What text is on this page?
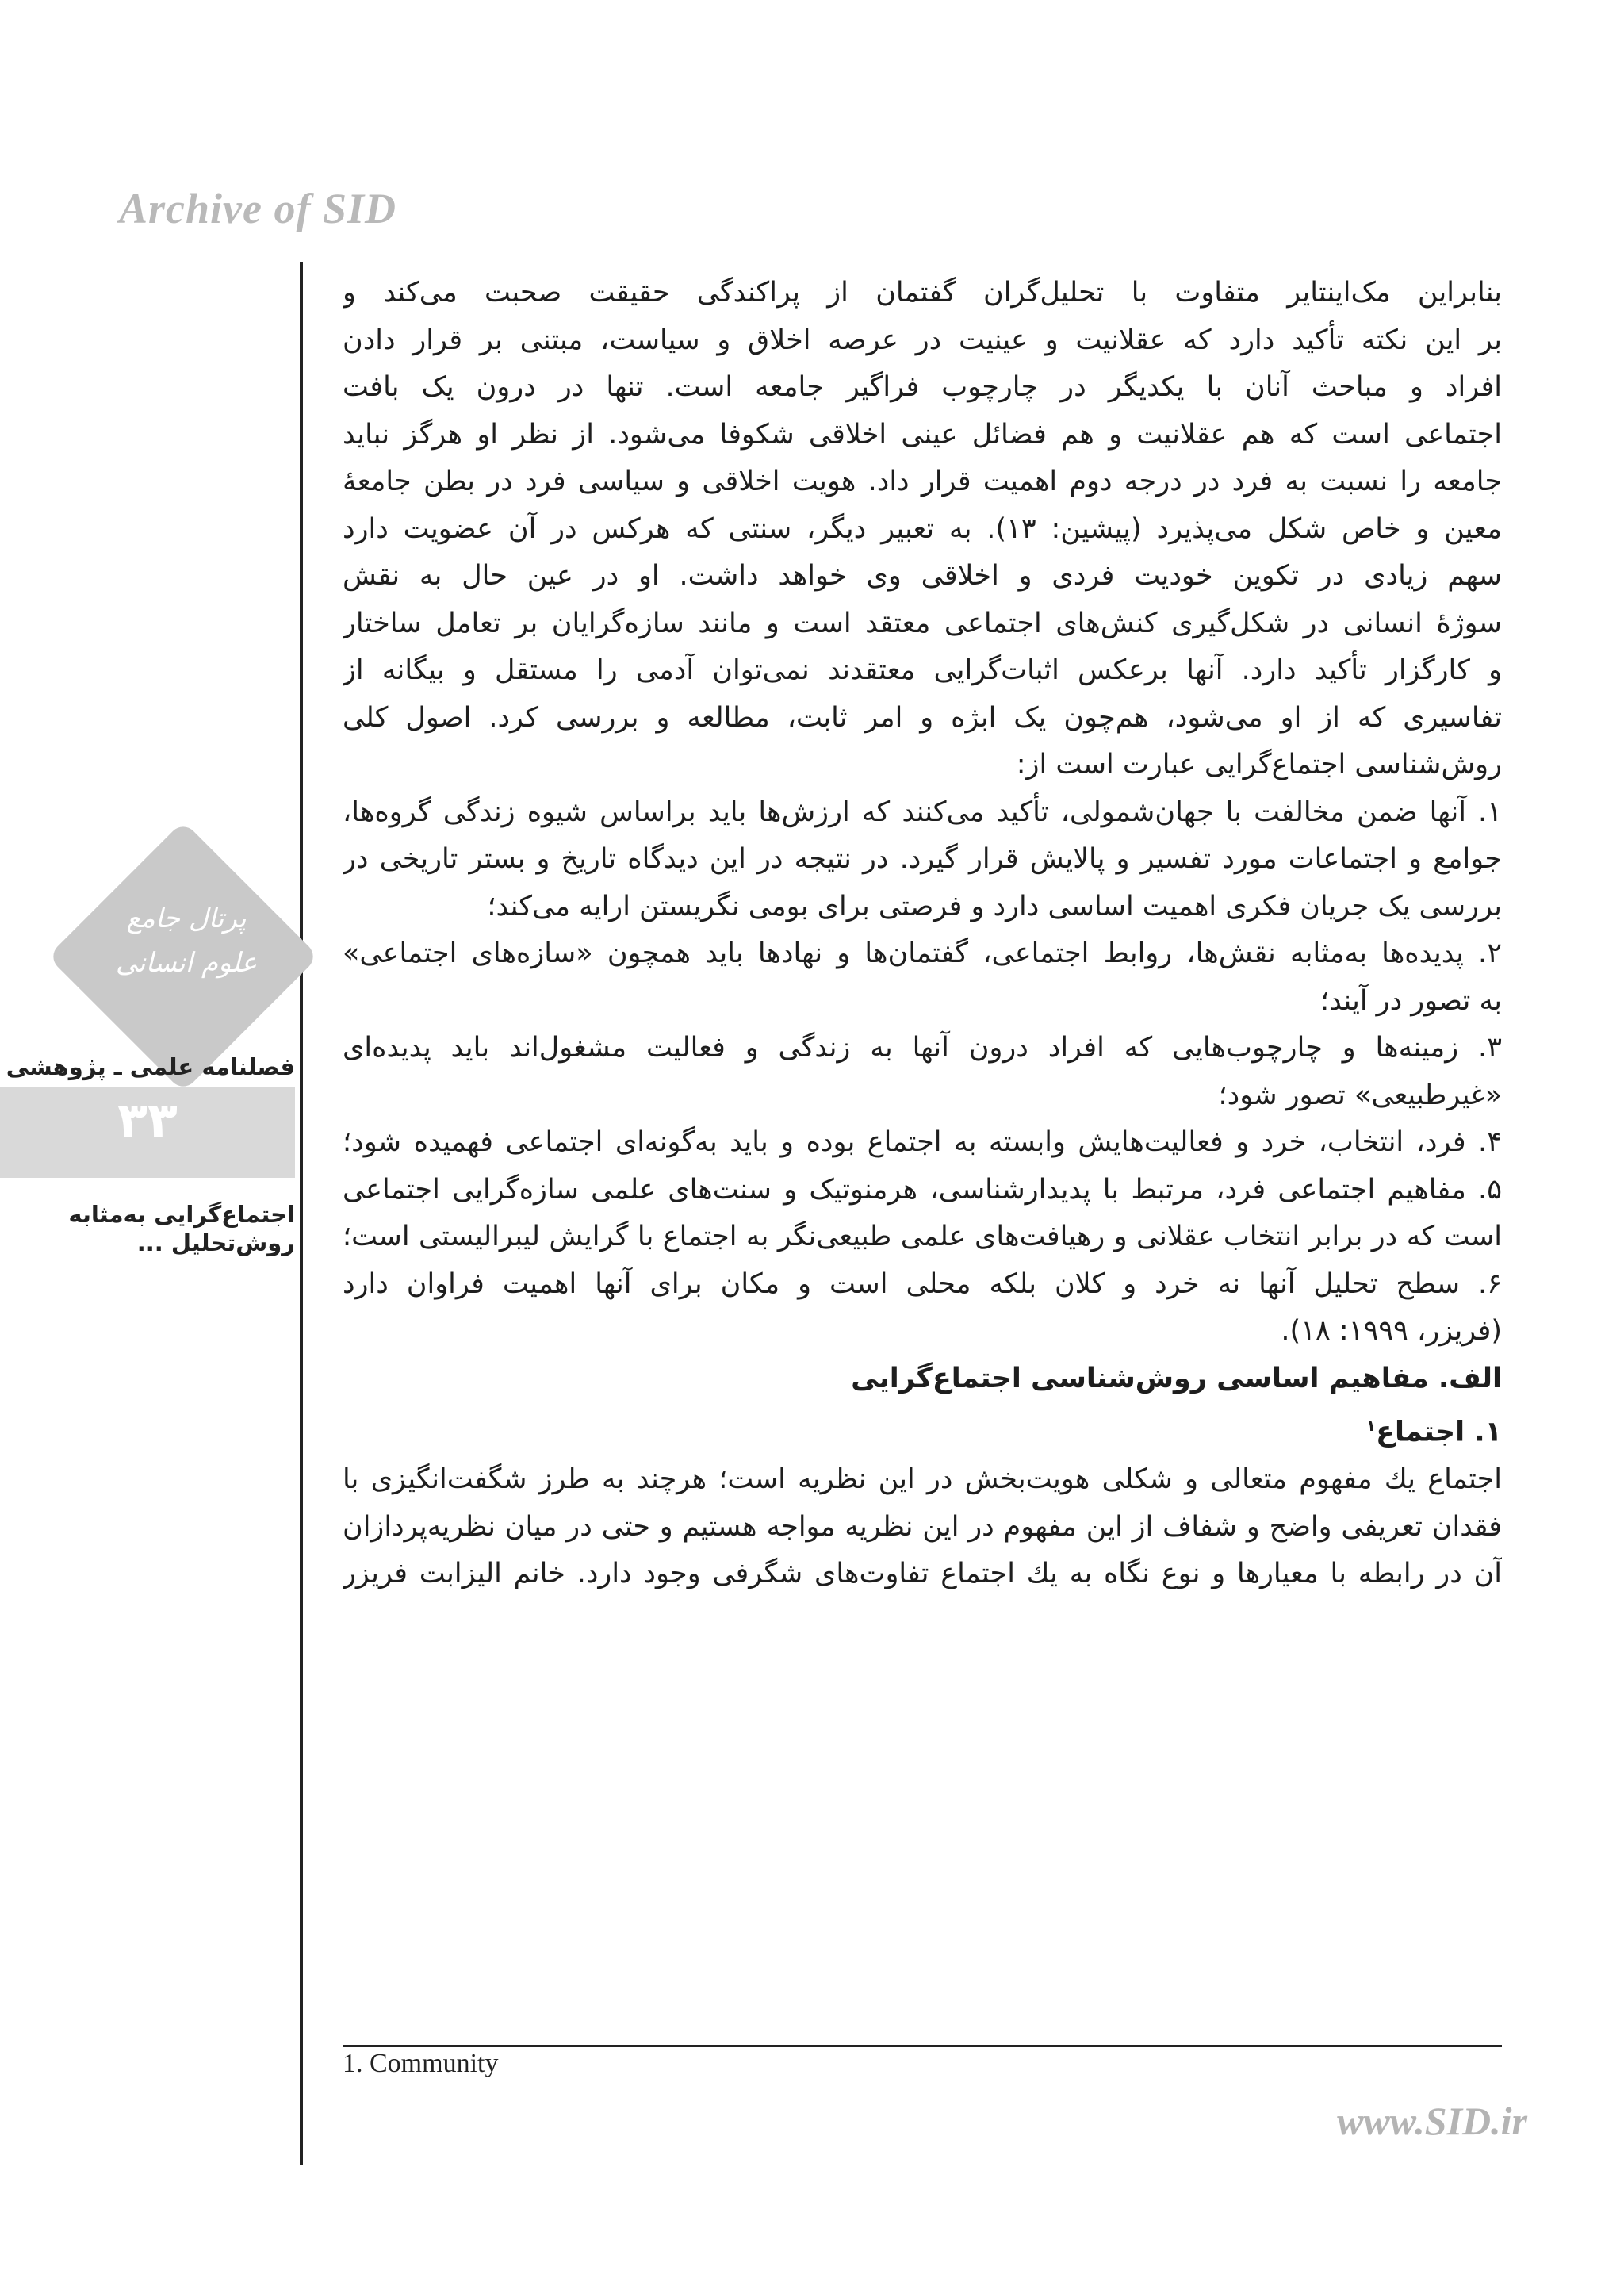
Archive of SID
پرتال جامع علوم انسانی
فصلنامه علمی ـ پژوهشی
۳۳
اجتماع‌گرایی به‌مثابه
روش‌تحلیل ...

بنابراین مک‌اینتایر متفاوت با تحلیل‌گران گفتمان از پراکندگی حقیقت صحبت می‌کند و
بر این نکته تأکید دارد که عقلانیت و عینیت در عرصه اخلاق و سیاست، مبتنی بر قرار دادن
افراد و مباحث آنان با یکدیگر در چارچوب فراگیر جامعه است. تنها در درون یک بافت
اجتماعی است که هم عقلانیت و هم فضائل عینی اخلاقی شکوفا می‌شود. از نظر او هرگز نباید
جامعه را نسبت به فرد در درجه دوم اهمیت قرار داد. هویت اخلاقی و سیاسی فرد در بطن جامعهٔ
معین و خاص شکل می‌پذیرد (پیشین: ۱۳). به تعبیر دیگر، سنتی که هرکس در آن عضویت دارد
سهم زیادی در تکوین خودیت فردی و اخلاقی وی خواهد داشت. او در عین حال به نقش
سوژهٔ انسانی در شکل‌گیری کنش‌های اجتماعی معتقد است و مانند سازه‌گرایان بر تعامل ساختار
و کارگزار تأکید دارد. آنها برعکس اثبات‌گرایی معتقدند نمی‌توان آدمی را مستقل و بیگانه از
تفاسیری که از او می‌شود، هم‌چون یک ابژه و امر ثابت، مطالعه و بررسی کرد. اصول کلی
روش‌شناسی اجتماع‌گرایی عبارت است از:

۱. آنها ضمن مخالفت با جهان‌شمولی، تأکید می‌کنند که ارزش‌ها باید براساس شیوه زندگی گروه‌ها،
جوامع و اجتماعات مورد تفسیر و پالایش قرار گیرد. در نتیجه در این دیدگاه تاریخ و بستر تاریخی در
بررسی یک جریان فکری اهمیت اساسی دارد و فرصتی برای بومی نگریستن ارایه می‌کند؛

۲. پدیده‌ها به‌مثابه نقش‌ها، روابط اجتماعی، گفتمان‌ها و نهادها باید همچون «سازه‌های اجتماعی»
به تصور در آیند؛

۳. زمینه‌ها و چارچوب‌هایی که افراد درون آنها به زندگی و فعالیت مشغول‌اند باید پدیده‌ای
«غیرطبیعی» تصور شود؛

۴. فرد، انتخاب، خرد و فعالیت‌هایش وابسته به اجتماع بوده و باید به‌گونه‌ای اجتماعی فهمیده شود؛

۵. مفاهیم اجتماعی فرد، مرتبط با پدیدارشناسی، هرمنوتیک و سنت‌های علمی سازه‌گرایی اجتماعی
است که در برابر انتخاب عقلانی و رهیافت‌های علمی طبیعی‌نگر به اجتماع با گرایش لیبرالیستی است؛

۶. سطح تحلیل آنها نه خرد و کلان بلکه محلی است و مکان برای آنها اهمیت فراوان دارد
(فریزر، ۱۹۹۹: ۱۸).

الف. مفاهیم اساسی روش‌شناسی اجتماع‌گرایی

۱. اجتماع$^۱$

اجتماع یك مفهوم متعالی و شکلی هویت‌بخش در این نظریه است؛ هرچند به طرز شگفت‌انگیزی با
فقدان تعریفی واضح و شفاف از این مفهوم در این نظریه مواجه هستیم و حتی در میان نظریه‌پردازان
آن در رابطه با معیارها و نوع نگاه به یك اجتماع تفاوت‌های شگرفی وجود دارد. خانم الیزابت فریزر

1. Community
www.SID.ir
